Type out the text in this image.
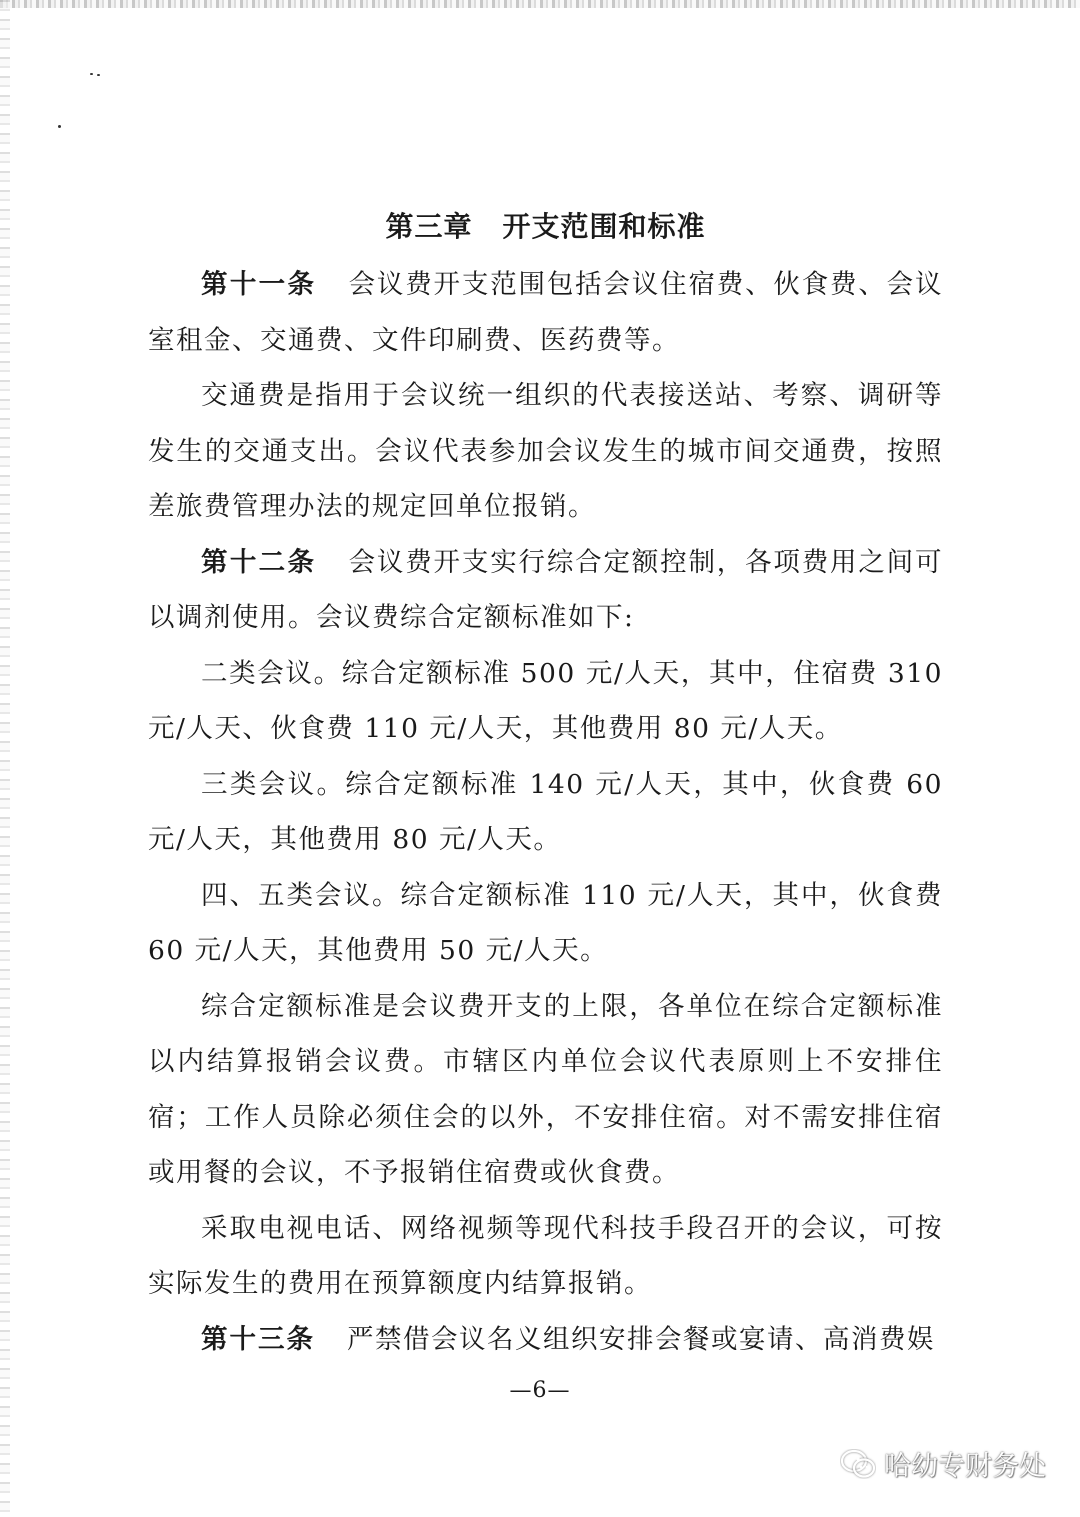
第三章 开支范围和标准

第十一条 会议费开支范围包括会议住宿费、伙食费、会议室租金、交通费、文件印刷费、医药费等。

交通费是指用于会议统一组织的代表接送站、考察、调研等发生的交通支出。会议代表参加会议发生的城市间交通费，按照差旅费管理办法的规定回单位报销。

第十二条 会议费开支实行综合定额控制，各项费用之间可以调剂使用。会议费综合定额标准如下:

二类会议。综合定额标准 500 元/人天，其中，住宿费 310 元/人天、伙食费 110 元/人天，其他费用 80 元/人天。

三类会议。综合定额标准 140 元/人天，其中，伙食费 60 元/人天，其他费用 80 元/人天。

四、五类会议。综合定额标准 110 元/人天，其中，伙食费 60 元/人天，其他费用 50 元/人天。

综合定额标准是会议费开支的上限，各单位在综合定额标准以内结算报销会议费。市辖区内单位会议代表原则上不安排住宿；工作人员除必须住会的以外，不安排住宿。对不需安排住宿或用餐的会议，不予报销住宿费或伙食费。

采取电视电话、网络视频等现代科技手段召开的会议，可按实际发生的费用在预算额度内结算报销。

第十三条 严禁借会议名义组织安排会餐或宴请、高消费娱

—6—
哈幼专财务处
